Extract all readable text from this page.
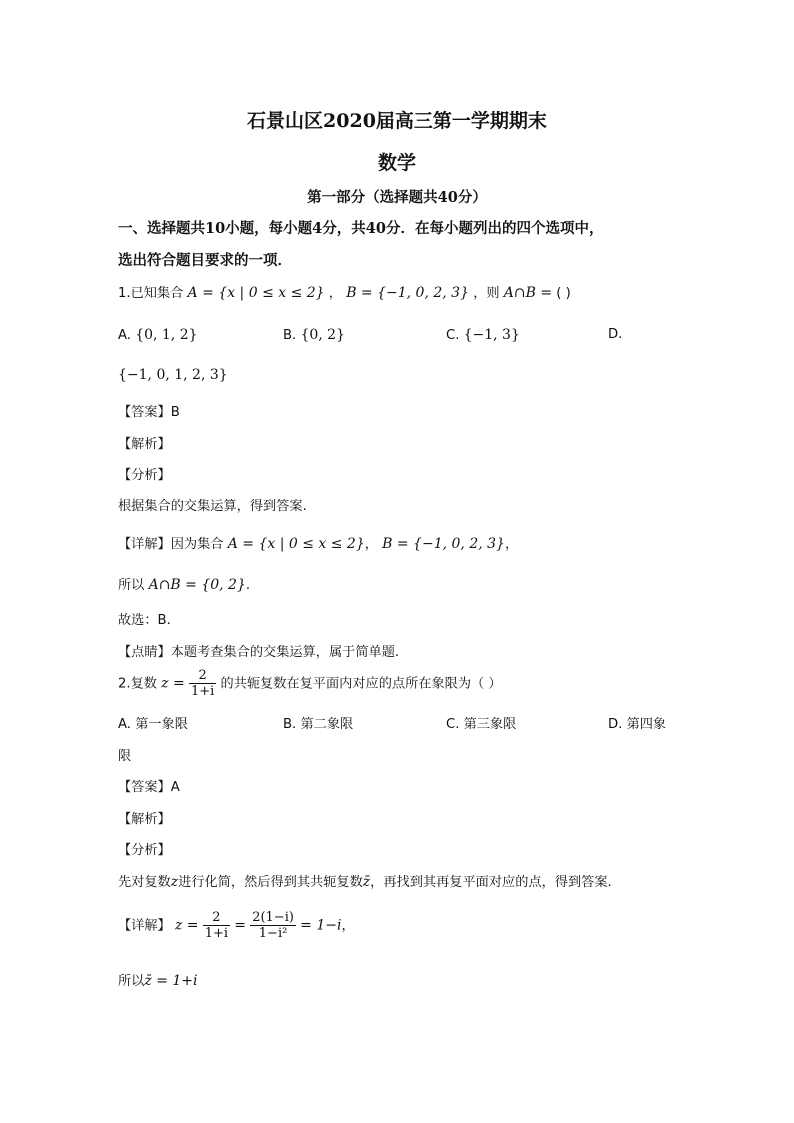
石景山区2020届高三第一学期期末
数学
第一部分（选择题共40分）
一、选择题共10小题，每小题4分，共40分．在每小题列出的四个选项中，
选出符合题目要求的一项．
1.已知集合 A = {x | 0 ≤ x ≤ 2} ， B = {−1, 0, 2, 3} ，则 A∩B = ( )
A. {0, 1, 2}	B. {0, 2}	C. {−1, 3}	D.
{−1, 0, 1, 2, 3}
【答案】B
【解析】
【分析】
根据集合的交集运算，得到答案.
【详解】因为集合 A = {x | 0 ≤ x ≤ 2}， B = {−1, 0, 2, 3}，
所以 A∩B = {0, 2}.
故选：B.
【点睛】本题考查集合的交集运算，属于简单题.
2.复数 $z = \frac{2}{1+i}$ 的共轭复数在复平面内对应的点所在象限为（ ）
A. 第一象限	B. 第二象限	C. 第三象限	D. 第四象
限
【答案】A
【解析】
【分析】
先对复数z进行化简，然后得到其共轭复数z̄，再找到其再复平面对应的点，得到答案.
【详解】 $z = \frac{2}{1+i} = \frac{2(1-i)}{\text{1−i²}} = 1-i$，
所以z̄ = 1+i
